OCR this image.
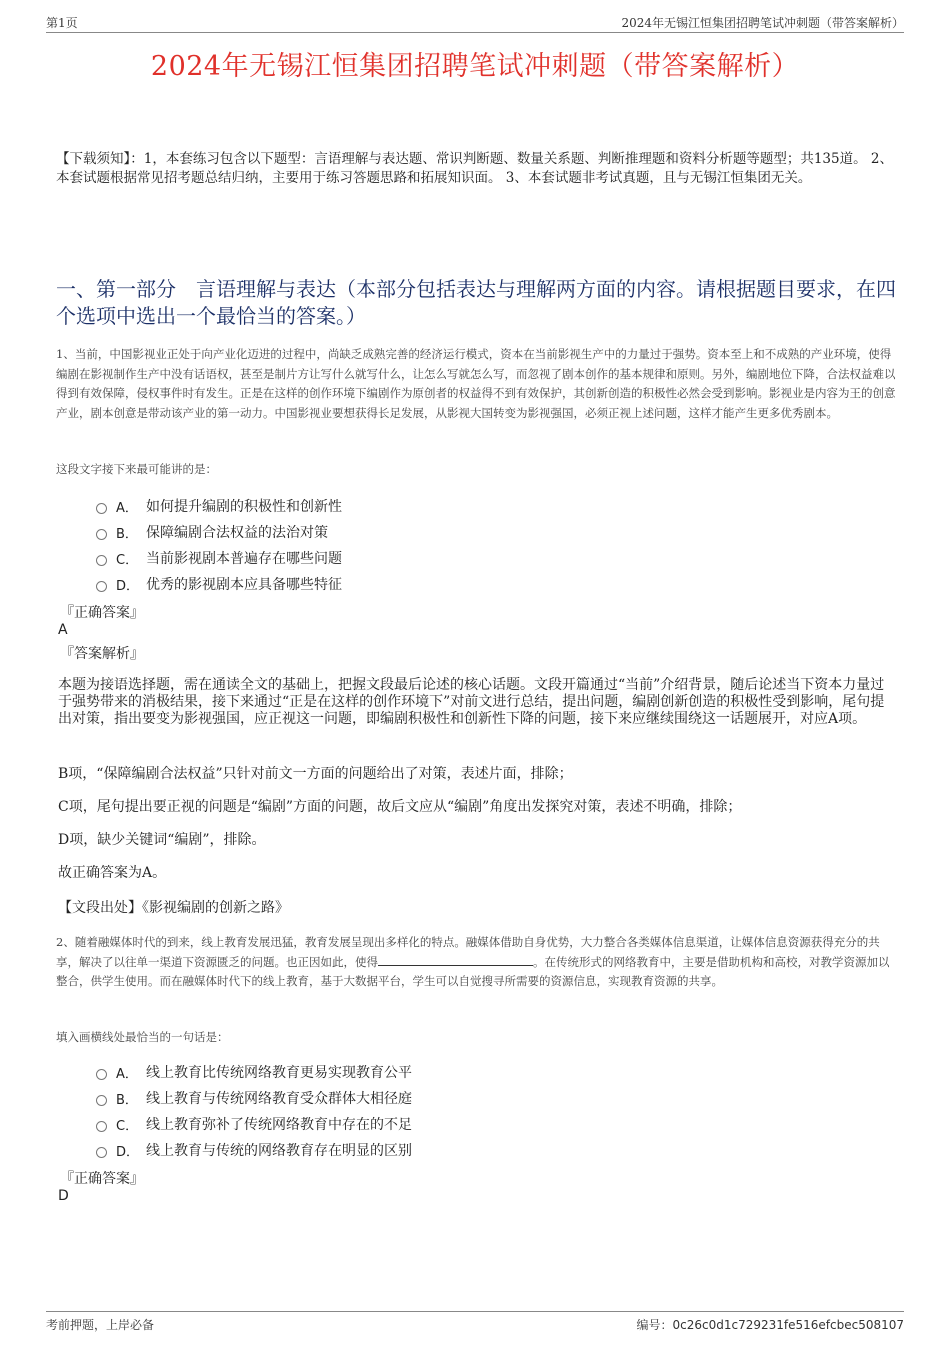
第1页	2024年无锡江恒集团招聘笔试冲刺题（带答案解析）
2024年无锡江恒集团招聘笔试冲刺题（带答案解析）
【下载须知】：1，本套练习包含以下题型：言语理解与表达题、常识判断题、数量关系题、判断推理题和资料分析题等题型；共135道。 2、本套试题根据常见招考题总结归纳，主要用于练习答题思路和拓展知识面。 3、本套试题非考试真题，且与无锡江恒集团无关。
一、第一部分　言语理解与表达（本部分包括表达与理解两方面的内容。请根据题目要求，在四个选项中选出一个最恰当的答案。）
1、当前，中国影视业正处于向产业化迈进的过程中，尚缺乏成熟完善的经济运行模式，资本在当前影视生产中的力量过于强势。资本至上和不成熟的产业环境，使得编剧在影视制作生产中没有话语权，甚至是制片方让写什么就写什么，让怎么写就怎么写，而忽视了剧本创作的基本规律和原则。另外，编剧地位下降，合法权益难以得到有效保障，侵权事件时有发生。正是在这样的创作环境下编剧作为原创者的权益得不到有效保护，其创新创造的积极性必然会受到影响。影视业是内容为王的创意产业，剧本创意是带动该产业的第一动力。中国影视业要想获得长足发展，从影视大国转变为影视强国，必须正视上述问题，这样才能产生更多优秀剧本。
这段文字接下来最可能讲的是：
A． 如何提升编剧的积极性和创新性
B． 保障编剧合法权益的法治对策
C． 当前影视剧本普遍存在哪些问题
D． 优秀的影视剧本应具备哪些特征
『正确答案』
A
『答案解析』
本题为接语选择题，需在通读全文的基础上，把握文段最后论述的核心话题。文段开篇通过“当前”介绍背景，随后论述当下资本力量过于强势带来的消极结果，接下来通过“正是在这样的创作环境下”对前文进行总结，提出问题，编剧创新创造的积极性受到影响，尾句提出对策，指出要变为影视强国，应正视这一问题，即编剧积极性和创新性下降的问题，接下来应继续围绕这一话题展开，对应A项。
B项，“保障编剧合法权益”只针对前文一方面的问题给出了对策，表述片面，排除；
C项，尾句提出要正视的问题是“编剧”方面的问题，故后文应从“编剧”角度出发探究对策，表述不明确，排除；
D项，缺少关键词“编剧”，排除。
故正确答案为A。
【文段出处】《影视编剧的创新之路》
2、随着融媒体时代的到来，线上教育发展迅猛，教育发展呈现出多样化的特点。融媒体借助自身优势，大力整合各类媒体信息渠道，让媒体信息资源获得充分的共享，解决了以往单一渠道下资源匮乏的问题。也正因如此，使得	。在传统形式的网络教育中，主要是借助机构和高校，对教学资源加以整合，供学生使用。而在融媒体时代下的线上教育，基于大数据平台，学生可以自觉搜寻所需要的资源信息，实现教育资源的共享。
填入画横线处最恰当的一句话是：
A． 线上教育比传统网络教育更易实现教育公平
B． 线上教育与传统网络教育受众群体大相径庭
C． 线上教育弥补了传统网络教育中存在的不足
D． 线上教育与传统的网络教育存在明显的区别
『正确答案』
D
考前押题，上岸必备	编号：0c26c0d1c729231fe516efcbec508107
